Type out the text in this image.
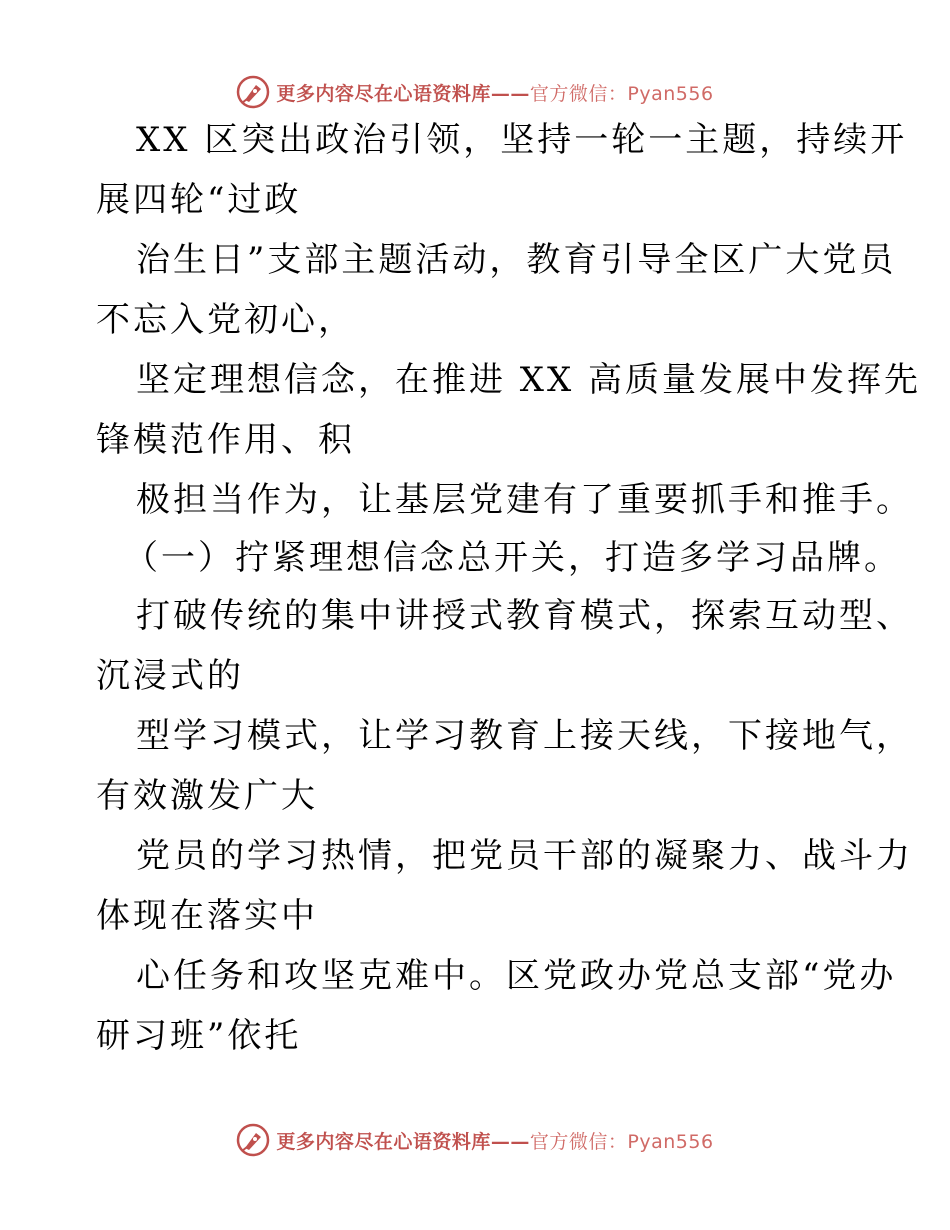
更多内容尽在心语资料库——官方微信：Pyan556
XX 区突出政治引领，坚持一轮一主题，持续开
展四轮“过政
治生日”支部主题活动，教育引导全区广大党员
不忘入党初心，
坚定理想信念，在推进 XX 高质量发展中发挥先
锋模范作用、积
极担当作为，让基层党建有了重要抓手和推手。
（一）拧紧理想信念总开关，打造多学习品牌。
打破传统的集中讲授式教育模式，探索互动型、
沉浸式的
型学习模式，让学习教育上接天线，下接地气，
有效激发广大
党员的学习热情，把党员干部的凝聚力、战斗力
体现在落实中
心任务和攻坚克难中。区党政办党总支部“党办
研习班”依托
更多内容尽在心语资料库——官方微信：Pyan556
